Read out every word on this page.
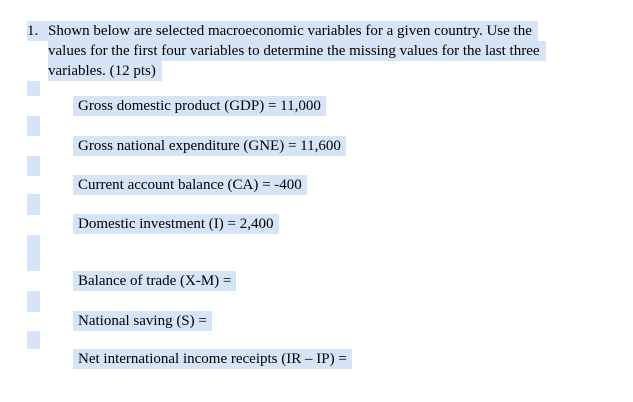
1. Shown below are selected macroeconomic variables for a given country. Use the
values for the first four variables to determine the missing values for the last three
variables. (12 pts)
Gross domestic product (GDP) = 11,000
Gross national expenditure (GNE) = 11,600
Current account balance (CA) = -400
Domestic investment (I) = 2,400
Balance of trade (X-M) =
National saving (S) =
Net international income receipts (IR – IP) =
